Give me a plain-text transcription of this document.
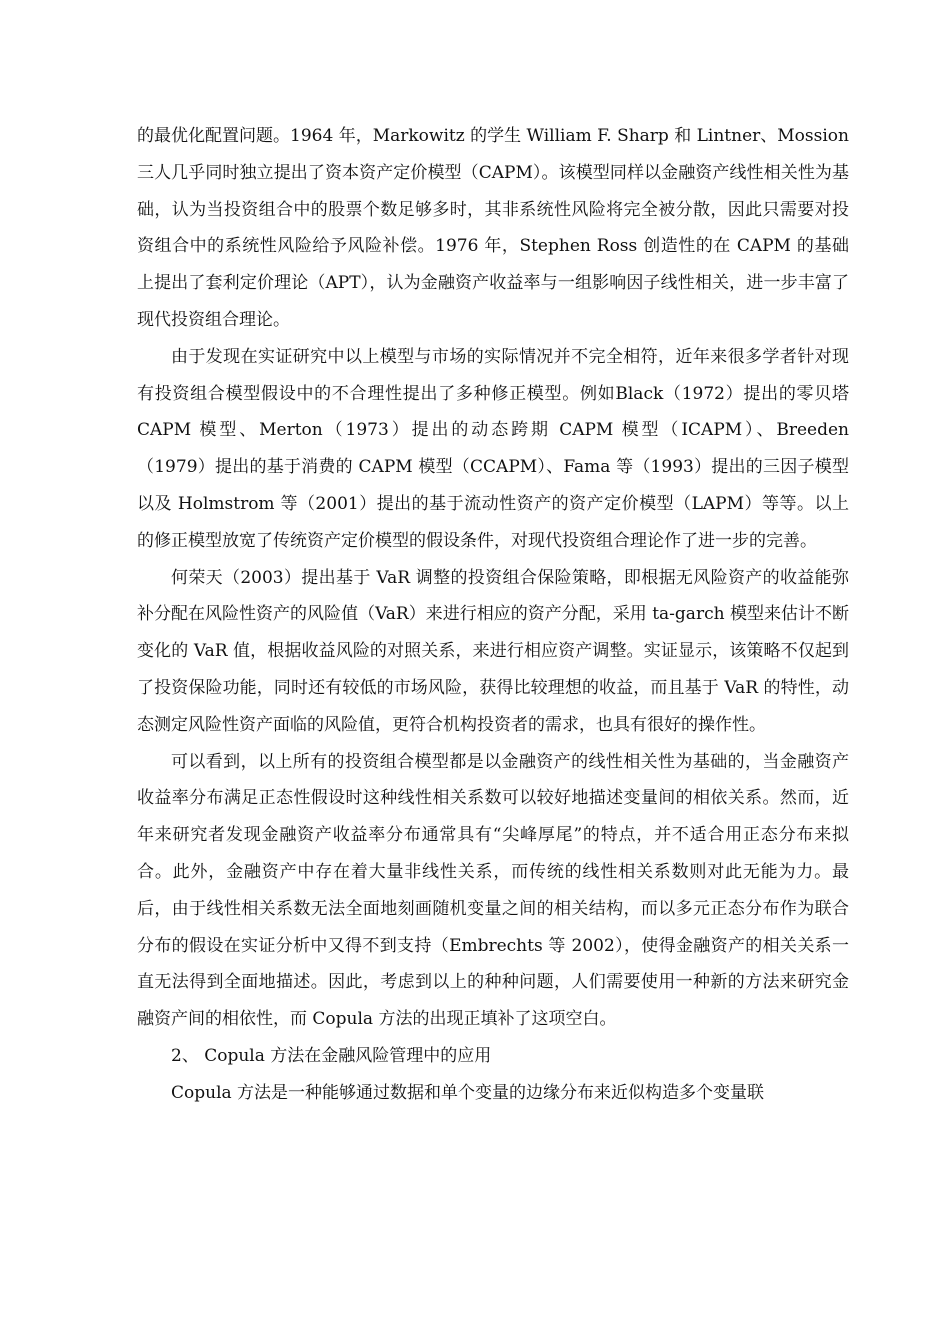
的最优化配置问题。1964 年，Markowitz 的学生 William F. Sharp 和 Lintner、Mossion 三人几乎同时独立提出了资本资产定价模型（CAPM）。该模型同样以金融资产线性相关性为基础，认为当投资组合中的股票个数足够多时，其非系统性风险将完全被分散，因此只需要对投资组合中的系统性风险给予风险补偿。1976 年，Stephen Ross 创造性的在 CAPM 的基础上提出了套利定价理论（APT），认为金融资产收益率与一组影响因子线性相关，进一步丰富了现代投资组合理论。

由于发现在实证研究中以上模型与市场的实际情况并不完全相符，近年来很多学者针对现有投资组合模型假设中的不合理性提出了多种修正模型。例如Black（1972）提出的零贝塔 CAPM 模型、Merton（1973）提出的动态跨期 CAPM 模型（ICAPM）、Breeden（1979）提出的基于消费的 CAPM 模型（CCAPM）、Fama 等（1993）提出的三因子模型以及 Holmstrom 等（2001）提出的基于流动性资产的资产定价模型（LAPM）等等。以上的修正模型放宽了传统资产定价模型的假设条件，对现代投资组合理论作了进一步的完善。

何荣天（2003）提出基于 VaR 调整的投资组合保险策略，即根据无风险资产的收益能弥补分配在风险性资产的风险值（VaR）来进行相应的资产分配，采用 ta-garch 模型来估计不断变化的 VaR 值，根据收益风险的对照关系，来进行相应资产调整。实证显示，该策略不仅起到了投资保险功能，同时还有较低的市场风险，获得比较理想的收益，而且基于 VaR 的特性，动态测定风险性资产面临的风险值，更符合机构投资者的需求，也具有很好的操作性。

可以看到，以上所有的投资组合模型都是以金融资产的线性相关性为基础的，当金融资产收益率分布满足正态性假设时这种线性相关系数可以较好地描述变量间的相依关系。然而，近年来研究者发现金融资产收益率分布通常具有“尖峰厚尾”的特点，并不适合用正态分布来拟合。此外，金融资产中存在着大量非线性关系，而传统的线性相关系数则对此无能为力。最后，由于线性相关系数无法全面地刻画随机变量之间的相关结构，而以多元正态分布作为联合分布的假设在实证分析中又得不到支持（Embrechts 等 2002），使得金融资产的相关关系一直无法得到全面地描述。因此，考虑到以上的种种问题，人们需要使用一种新的方法来研究金融资产间的相依性，而 Copula 方法的出现正填补了这项空白。

2、 Copula 方法在金融风险管理中的应用

Copula 方法是一种能够通过数据和单个变量的边缘分布来近似构造多个变量联
